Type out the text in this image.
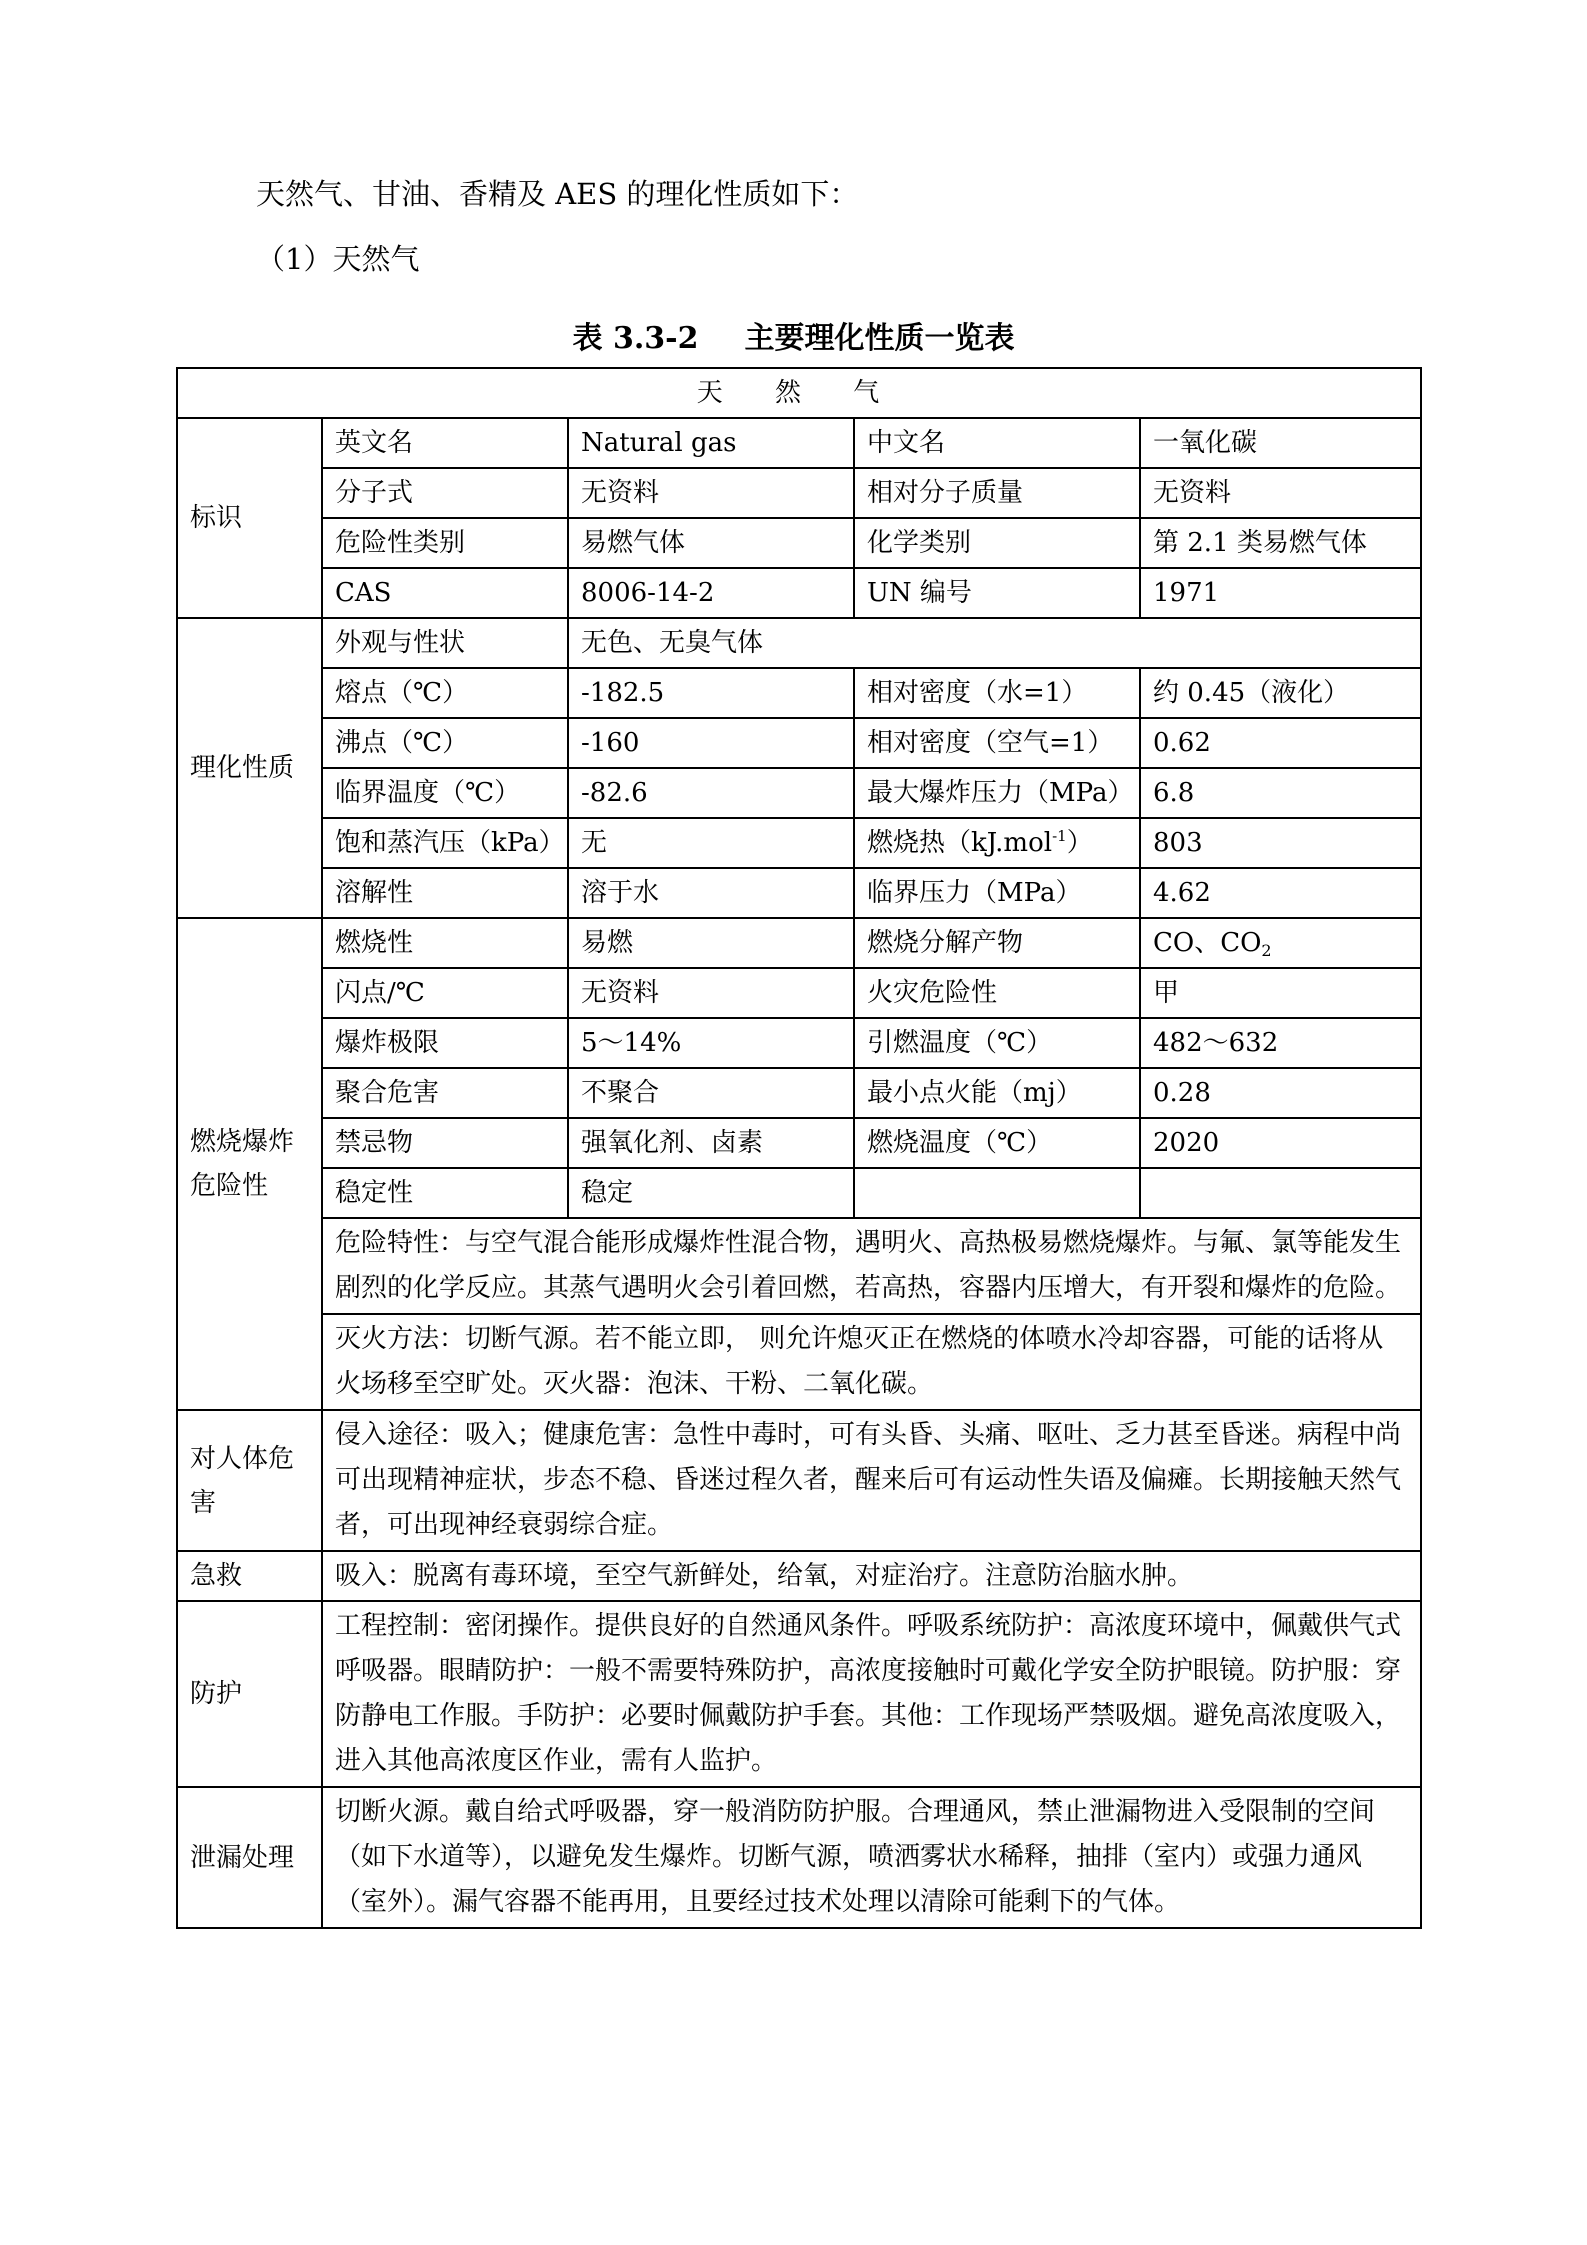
天然气、甘油、香精及 AES 的理化性质如下：
（1）天然气
表 3.3-2 主要理化性质一览表
天 然 气				
标识	英文名	Natural gas	中文名	一氧化碳
	分子式	无资料	相对分子质量	无资料
	危险性类别	易燃气体	化学类别	第 2.1 类易燃气体
	CAS	8006-14-2	UN 编号	1971
理化性质	外观与性状	无色、无臭气体		
	熔点（℃）	-182.5	相对密度（水=1）	约 0.45（液化）
	沸点（℃）	-160	相对密度（空气=1）	0.62
	临界温度（℃）	-82.6	最大爆炸压力（MPa）	6.8
	饱和蒸汽压（kPa）	无	燃烧热（kJ.mol$^{-1}$）	803
	溶解性	溶于水	临界压力（MPa）	4.62
燃烧爆炸危险性	燃烧性	易燃	燃烧分解产物	CO、$CO_2$
	闪点/℃	无资料	火灾危险性	甲
	爆炸极限	5～14%	引燃温度（℃）	482～632
	聚合危害	不聚合	最小点火能（mj）	0.28
	禁忌物	强氧化剂、卤素	燃烧温度（℃）	2020
	稳定性	稳定		
	危险特性：与空气混合能形成爆炸性混合物，遇明火、高热极易燃烧爆炸。与氟、氯等能发生剧烈的化学反应。其蒸气遇明火会引着回燃，若高热，容器内压增大，有开裂和爆炸的危险。			
	灭火方法：切断气源。若不能立即， 则允许熄灭正在燃烧的体喷水冷却容器，可能的话将从火场移至空旷处。灭火器：泡沫、干粉、二氧化碳。			
对人体危害	侵入途径：吸入；健康危害：急性中毒时，可有头昏、头痛、呕吐、乏力甚至昏迷。病程中尚可出现精神症状，步态不稳、昏迷过程久者，醒来后可有运动性失语及偏瘫。长期接触天然气者，可出现神经衰弱综合症。			
急救	吸入：脱离有毒环境，至空气新鲜处，给氧，对症治疗。注意防治脑水肿。			
防护	工程控制：密闭操作。提供良好的自然通风条件。呼吸系统防护：高浓度环境中，佩戴供气式呼吸器。眼睛防护：一般不需要特殊防护，高浓度接触时可戴化学安全防护眼镜。防护服：穿防静电工作服。手防护：必要时佩戴防护手套。其他：工作现场严禁吸烟。避免高浓度吸入，进入其他高浓度区作业，需有人监护。			
泄漏处理	切断火源。戴自给式呼吸器，穿一般消防防护服。合理通风，禁止泄漏物进入受限制的空间（如下水道等），以避免发生爆炸。切断气源，喷洒雾状水稀释，抽排（室内）或强力通风（室外）。漏气容器不能再用，且要经过技术处理以清除可能剩下的气体。			
